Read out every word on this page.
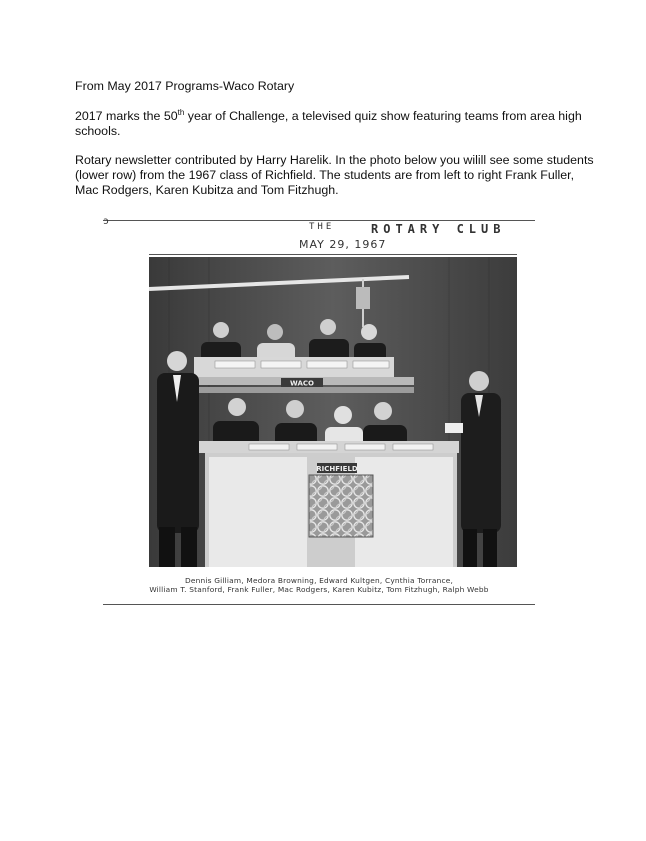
From May 2017 Programs-Waco Rotary

2017 marks the 50th year of Challenge, a televised quiz show featuring teams from area high schools.

Rotary newsletter contributed by Harry Harelik. In the photo below you wilill see some students (lower row) from the 1967 class of Richfield. The students are from left to right Frank Fuller, Mac Rodgers, Karen Kubitza and Tom Fitzhugh.

ɔ	THE	ROTARY CLUB
MAY 29, 1967
WACO
RICHFIELD
Dennis Gilliam, Medora Browning, Edward Kultgen, Cynthia Torrance,
William T. Stanford, Frank Fuller, Mac Rodgers, Karen Kubitz, Tom Fitzhugh, Ralph Webb
